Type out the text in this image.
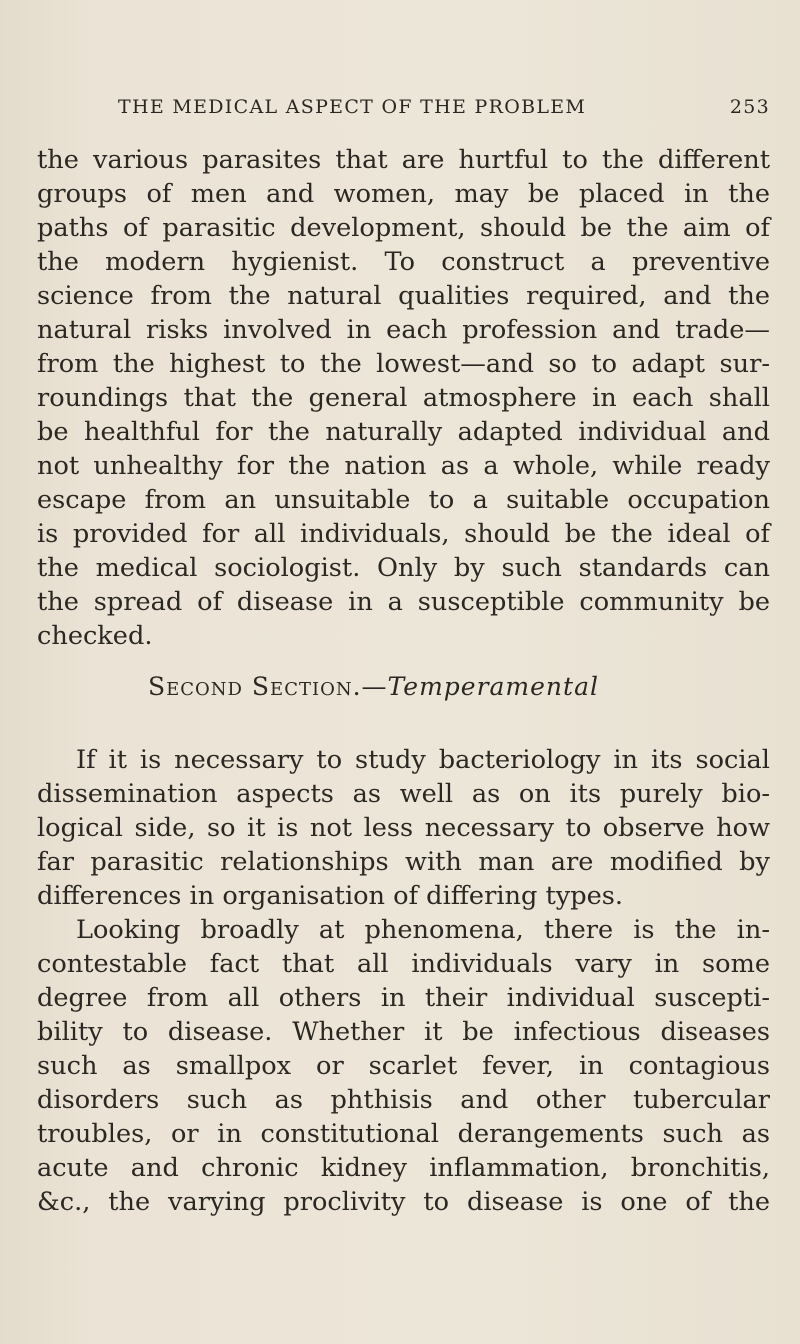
THE MEDICAL ASPECT OF THE PROBLEM	253
the various parasites that are hurtful to the different
groups of men and women, may be placed in the
paths of parasitic development, should be the aim of
the modern hygienist. To construct a preventive
science from the natural qualities required, and the
natural risks involved in each profession and trade—
from the highest to the lowest—and so to adapt sur-
roundings that the general atmosphere in each shall
be healthful for the naturally adapted individual and
not unhealthy for the nation as a whole, while ready
escape from an unsuitable to a suitable occupation
is provided for all individuals, should be the ideal of
the medical sociologist. Only by such standards can
the spread of disease in a susceptible community be
checked.
Second Section.—Temperamental
If it is necessary to study bacteriology in its social
dissemination aspects as well as on its purely bio-
logical side, so it is not less necessary to observe how
far parasitic relationships with man are modified by
differences in organisation of differing types.
Looking broadly at phenomena, there is the in-
contestable fact that all individuals vary in some
degree from all others in their individual suscepti-
bility to disease. Whether it be infectious diseases
such as smallpox or scarlet fever, in contagious
disorders such as phthisis and other tubercular
troubles, or in constitutional derangements such as
acute and chronic kidney inflammation, bronchitis,
&c., the varying proclivity to disease is one of the
